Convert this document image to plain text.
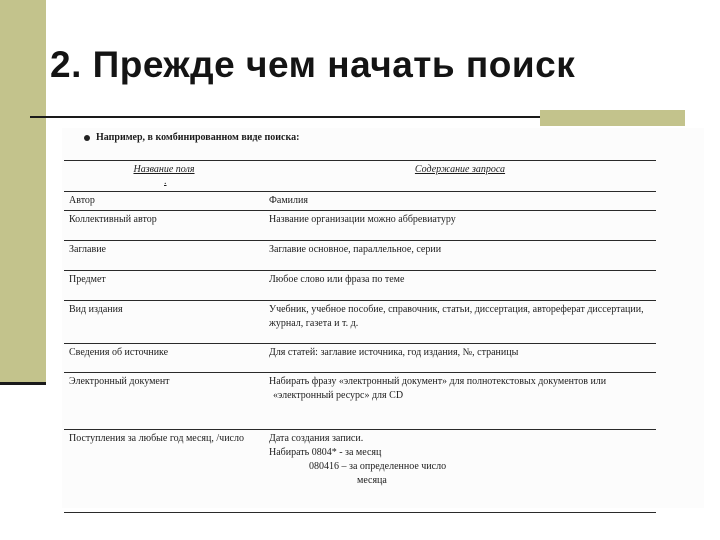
2. Прежде чем начать поиск
Например, в комбинированном виде поиска:
Название поля
.	Содержание запроса
Автор	Фамилия
Коллективный автор	Название организации можно аббревиатуру
Заглавие	Заглавие основное, параллельное, серии
Предмет	Любое слово или фраза по теме
Вид издания	Учебник, учебное пособие, справочник, статьи, диссертация, автореферат диссертации, журнал, газета и т. д.
Сведения об источнике	Для статей: заглавие источника, год издания, №, страницы
Электронный документ	Набирать фразу «электронный документ» для полнотекстовых документов или
«электронный ресурс» для CD

Поступления за любые год месяц, /число	Дата создания записи.
Набирать 0804* - за месяц
080416 – за определенное число
месяца
